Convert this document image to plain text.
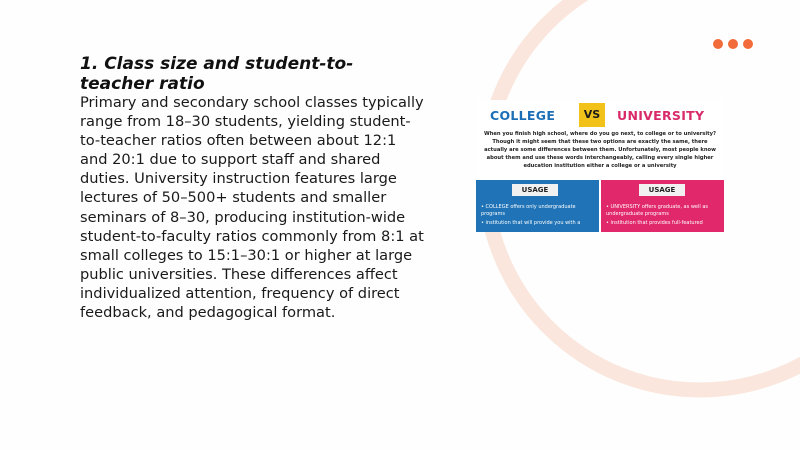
1. Class size and student-to-teacher ratio

Primary and secondary school classes typically range from 18–30 students, yielding student-to-teacher ratios often between about 12:1 and 20:1 due to support staff and shared duties. University instruction features large lectures of 50–500+ students and smaller seminars of 8–30, producing institution-wide student-to-faculty ratios commonly from 8:1 at small colleges to 15:1–30:1 or higher at large public universities. These differences affect individualized attention, frequency of direct feedback, and pedagogical format.

COLLEGE	VS	UNIVERSITY
When you finish high school, where do you go next, to college or to university? Though it might seem that these two options are exactly the same, there actually are some differences between them. Unfortunately, most people know about them and use these words interchangeably, calling every single higher education institution either a college or a university
USAGE
• COLLEGE offers only undergraduate programs
• institution that will provide you with a
USAGE
• UNIVERSITY offers graduate, as well as undergraduate programs
• institution that provides full-featured
